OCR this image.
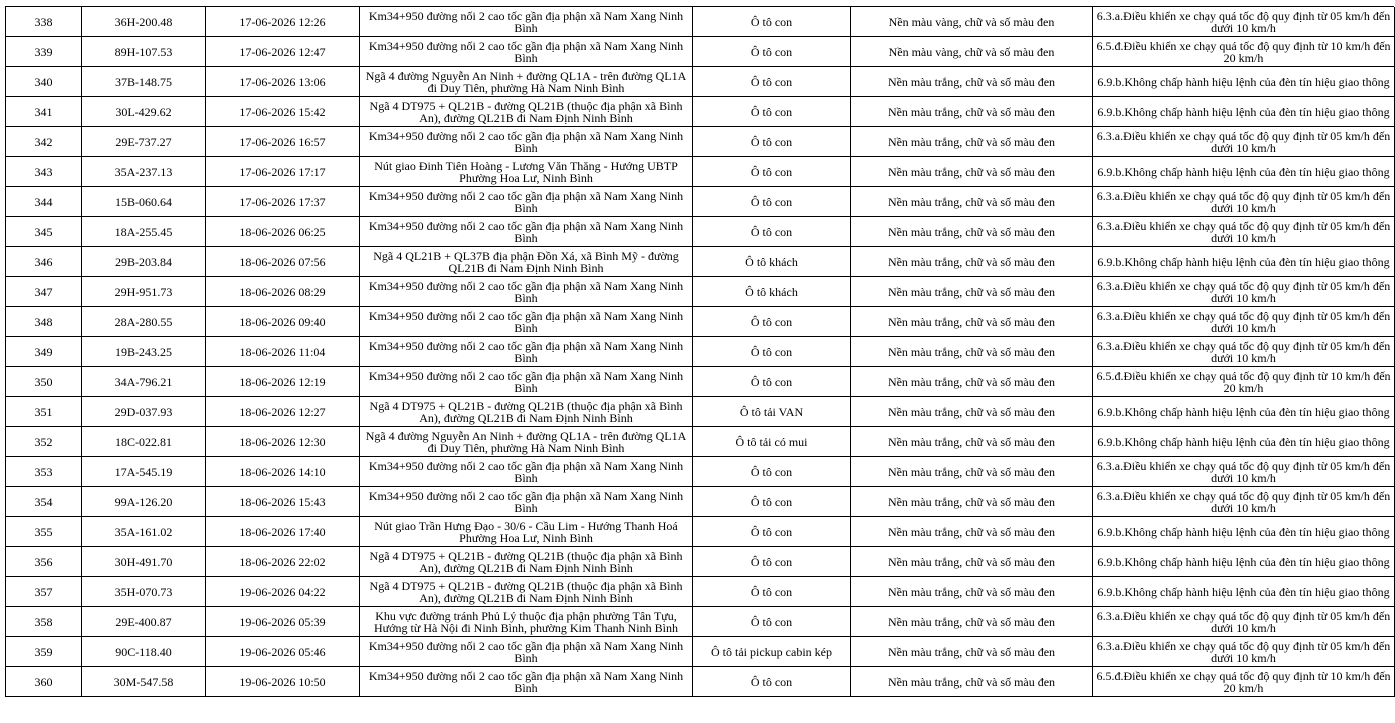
338	36H-200.48	17-06-2026 12:26	Km34+950 đường nối 2 cao tốc gần địa phận xã Nam Xang Ninh Bình	Ô tô con	Nền màu vàng, chữ và số màu đen	6.3.a.Điều khiển xe chạy quá tốc độ quy định từ 05 km/h đến dưới 10 km/h
339	89H-107.53	17-06-2026 12:47	Km34+950 đường nối 2 cao tốc gần địa phận xã Nam Xang Ninh Bình	Ô tô con	Nền màu vàng, chữ và số màu đen	6.5.đ.Điều khiển xe chạy quá tốc độ quy định từ 10 km/h đến 20 km/h
340	37B-148.75	17-06-2026 13:06	Ngã 4 đường Nguyễn An Ninh + đường QL1A - trên đường QL1A đi Duy Tiên, phường Hà Nam Ninh Bình	Ô tô con	Nền màu trắng, chữ và số màu đen	6.9.b.Không chấp hành hiệu lệnh của đèn tín hiệu giao thông
341	30L-429.62	17-06-2026 15:42	Ngã 4 DT975 + QL21B - đường QL21B (thuộc địa phận xã Bình An), đường QL21B đi Nam Định Ninh Bình	Ô tô con	Nền màu trắng, chữ và số màu đen	6.9.b.Không chấp hành hiệu lệnh của đèn tín hiệu giao thông
342	29E-737.27	17-06-2026 16:57	Km34+950 đường nối 2 cao tốc gần địa phận xã Nam Xang Ninh Bình	Ô tô con	Nền màu trắng, chữ và số màu đen	6.3.a.Điều khiển xe chạy quá tốc độ quy định từ 05 km/h đến dưới 10 km/h
343	35A-237.13	17-06-2026 17:17	Nút giao Đinh Tiên Hoàng - Lương Văn Thăng - Hướng UBTP Phường Hoa Lư, Ninh Bình	Ô tô con	Nền màu trắng, chữ và số màu đen	6.9.b.Không chấp hành hiệu lệnh của đèn tín hiệu giao thông
344	15B-060.64	17-06-2026 17:37	Km34+950 đường nối 2 cao tốc gần địa phận xã Nam Xang Ninh Bình	Ô tô con	Nền màu trắng, chữ và số màu đen	6.3.a.Điều khiển xe chạy quá tốc độ quy định từ 05 km/h đến dưới 10 km/h
345	18A-255.45	18-06-2026 06:25	Km34+950 đường nối 2 cao tốc gần địa phận xã Nam Xang Ninh Bình	Ô tô con	Nền màu trắng, chữ và số màu đen	6.3.a.Điều khiển xe chạy quá tốc độ quy định từ 05 km/h đến dưới 10 km/h
346	29B-203.84	18-06-2026 07:56	Ngã 4 QL21B + QL37B địa phận Đồn Xá, xã Bình Mỹ - đường QL21B đi Nam Định Ninh Bình	Ô tô khách	Nền màu trắng, chữ và số màu đen	6.9.b.Không chấp hành hiệu lệnh của đèn tín hiệu giao thông
347	29H-951.73	18-06-2026 08:29	Km34+950 đường nối 2 cao tốc gần địa phận xã Nam Xang Ninh Bình	Ô tô khách	Nền màu trắng, chữ và số màu đen	6.3.a.Điều khiển xe chạy quá tốc độ quy định từ 05 km/h đến dưới 10 km/h
348	28A-280.55	18-06-2026 09:40	Km34+950 đường nối 2 cao tốc gần địa phận xã Nam Xang Ninh Bình	Ô tô con	Nền màu trắng, chữ và số màu đen	6.3.a.Điều khiển xe chạy quá tốc độ quy định từ 05 km/h đến dưới 10 km/h
349	19B-243.25	18-06-2026 11:04	Km34+950 đường nối 2 cao tốc gần địa phận xã Nam Xang Ninh Bình	Ô tô con	Nền màu trắng, chữ và số màu đen	6.3.a.Điều khiển xe chạy quá tốc độ quy định từ 05 km/h đến dưới 10 km/h
350	34A-796.21	18-06-2026 12:19	Km34+950 đường nối 2 cao tốc gần địa phận xã Nam Xang Ninh Bình	Ô tô con	Nền màu trắng, chữ và số màu đen	6.5.đ.Điều khiển xe chạy quá tốc độ quy định từ 10 km/h đến 20 km/h
351	29D-037.93	18-06-2026 12:27	Ngã 4 DT975 + QL21B - đường QL21B (thuộc địa phận xã Bình An), đường QL21B đi Nam Định Ninh Bình	Ô tô tải VAN	Nền màu trắng, chữ và số màu đen	6.9.b.Không chấp hành hiệu lệnh của đèn tín hiệu giao thông
352	18C-022.81	18-06-2026 12:30	Ngã 4 đường Nguyễn An Ninh + đường QL1A - trên đường QL1A đi Duy Tiên, phường Hà Nam Ninh Bình	Ô tô tải có mui	Nền màu trắng, chữ và số màu đen	6.9.b.Không chấp hành hiệu lệnh của đèn tín hiệu giao thông
353	17A-545.19	18-06-2026 14:10	Km34+950 đường nối 2 cao tốc gần địa phận xã Nam Xang Ninh Bình	Ô tô con	Nền màu trắng, chữ và số màu đen	6.3.a.Điều khiển xe chạy quá tốc độ quy định từ 05 km/h đến dưới 10 km/h
354	99A-126.20	18-06-2026 15:43	Km34+950 đường nối 2 cao tốc gần địa phận xã Nam Xang Ninh Bình	Ô tô con	Nền màu trắng, chữ và số màu đen	6.3.a.Điều khiển xe chạy quá tốc độ quy định từ 05 km/h đến dưới 10 km/h
355	35A-161.02	18-06-2026 17:40	Nút giao Trần Hưng Đạo - 30/6 - Cầu Lim - Hướng Thanh Hoá Phường Hoa Lư, Ninh Bình	Ô tô con	Nền màu trắng, chữ và số màu đen	6.9.b.Không chấp hành hiệu lệnh của đèn tín hiệu giao thông
356	30H-491.70	18-06-2026 22:02	Ngã 4 DT975 + QL21B - đường QL21B (thuộc địa phận xã Bình An), đường QL21B đi Nam Định Ninh Bình	Ô tô con	Nền màu trắng, chữ và số màu đen	6.9.b.Không chấp hành hiệu lệnh của đèn tín hiệu giao thông
357	35H-070.73	19-06-2026 04:22	Ngã 4 DT975 + QL21B - đường QL21B (thuộc địa phận xã Bình An), đường QL21B đi Nam Định Ninh Bình	Ô tô con	Nền màu trắng, chữ và số màu đen	6.9.b.Không chấp hành hiệu lệnh của đèn tín hiệu giao thông
358	29E-400.87	19-06-2026 05:39	Khu vực đường tránh Phủ Lý thuộc địa phận phường Tân Tựu, Hướng từ Hà Nội đi Ninh Bình, phường Kim Thanh Ninh Bình	Ô tô con	Nền màu trắng, chữ và số màu đen	6.3.a.Điều khiển xe chạy quá tốc độ quy định từ 05 km/h đến dưới 10 km/h
359	90C-118.40	19-06-2026 05:46	Km34+950 đường nối 2 cao tốc gần địa phận xã Nam Xang Ninh Bình	Ô tô tải pickup cabin kép	Nền màu trắng, chữ và số màu đen	6.3.a.Điều khiển xe chạy quá tốc độ quy định từ 05 km/h đến dưới 10 km/h
360	30M-547.58	19-06-2026 10:50	Km34+950 đường nối 2 cao tốc gần địa phận xã Nam Xang Ninh Bình	Ô tô con	Nền màu trắng, chữ và số màu đen	6.5.đ.Điều khiển xe chạy quá tốc độ quy định từ 10 km/h đến 20 km/h
